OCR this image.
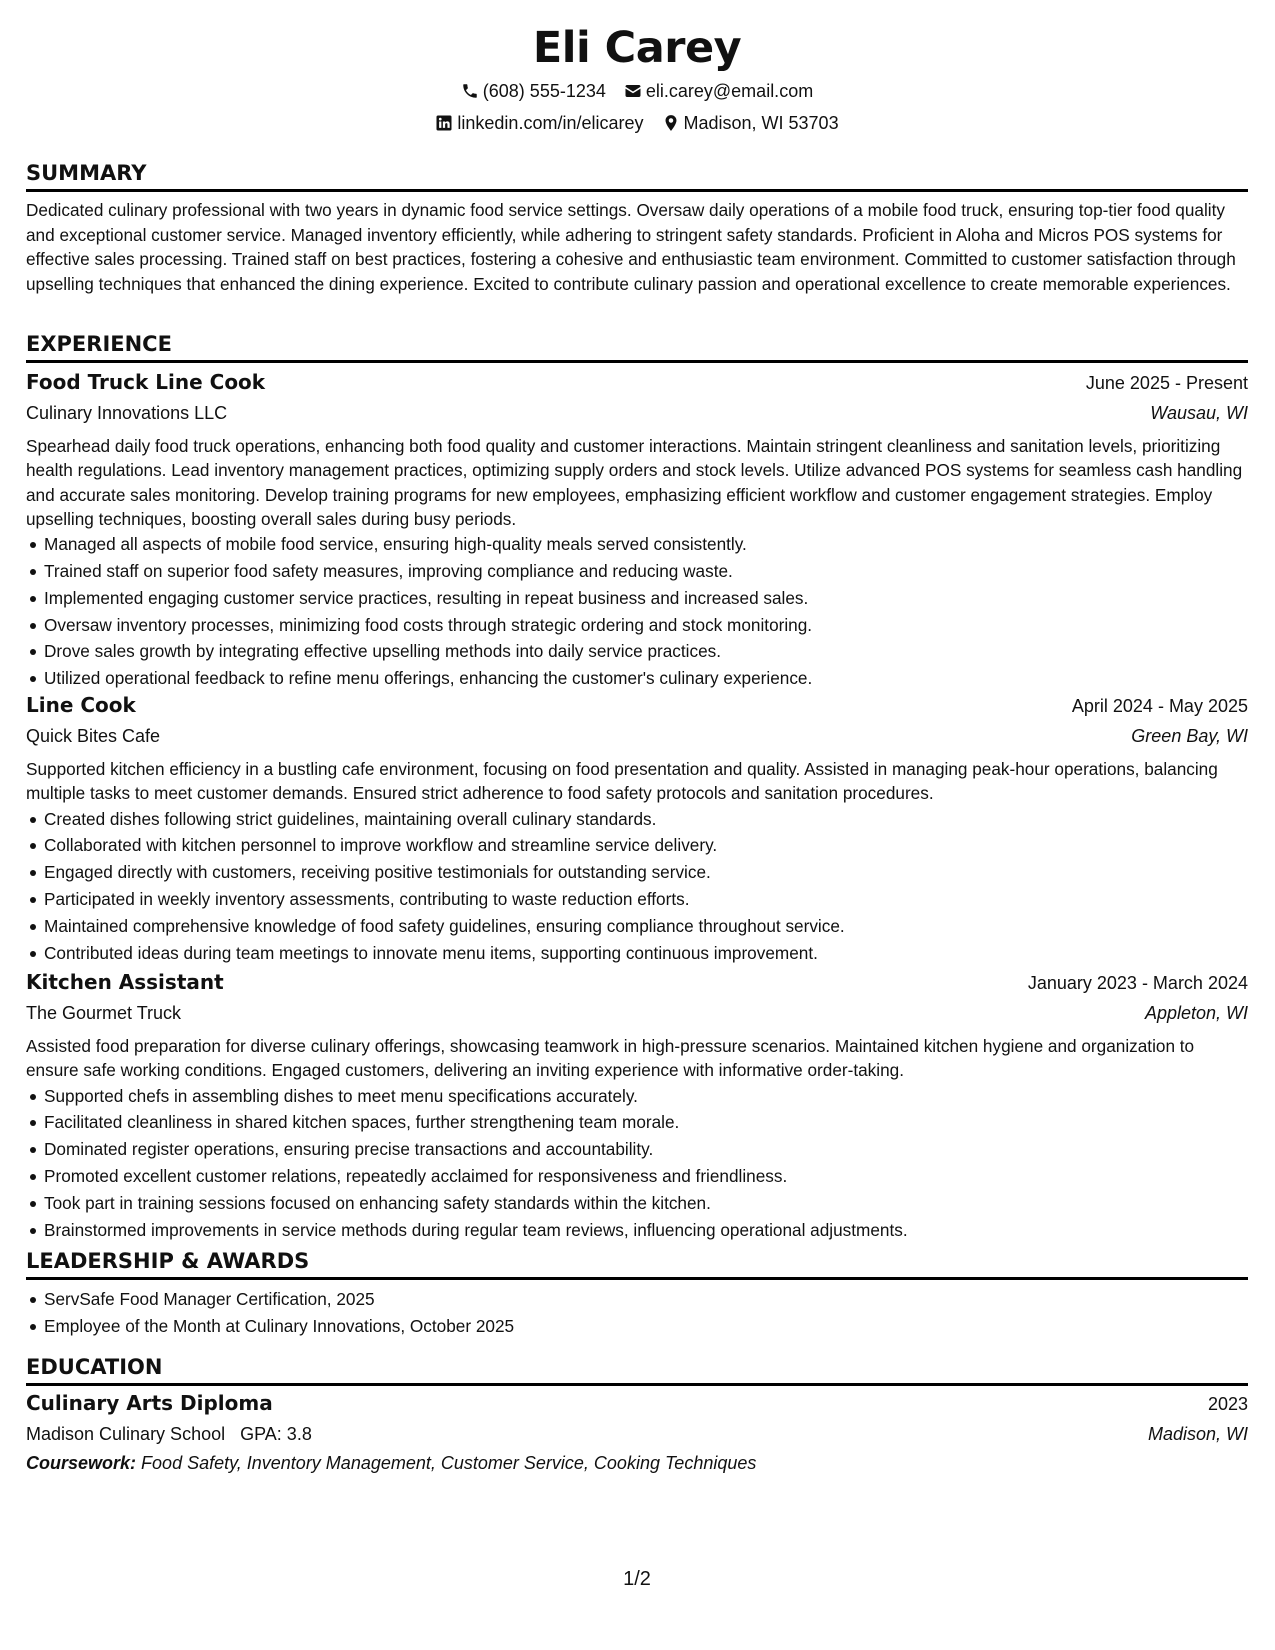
Eli Carey
(608) 555-1234 eli.carey@email.com
linkedin.com/in/elicarey Madison, WI 53703
SUMMARY

Dedicated culinary professional with two years in dynamic food service settings. Oversaw daily operations of a mobile food truck, ensuring top-tier food quality and exceptional customer service. Managed inventory efficiently, while adhering to stringent safety standards. Proficient in Aloha and Micros POS systems for effective sales processing. Trained staff on best practices, fostering a cohesive and enthusiastic team environment. Committed to customer satisfaction through upselling techniques that enhanced the dining experience. Excited to contribute culinary passion and operational excellence to create memorable experiences.

EXPERIENCE
Food Truck Line Cook	June 2025 - Present
Culinary Innovations LLC	Wausau, WI

Spearhead daily food truck operations, enhancing both food quality and customer interactions. Maintain stringent cleanliness and sanitation levels, prioritizing health regulations. Lead inventory management practices, optimizing supply orders and stock levels. Utilize advanced POS systems for seamless cash handling and accurate sales monitoring. Develop training programs for new employees, emphasizing efficient workflow and customer engagement strategies. Employ upselling techniques, boosting overall sales during busy periods.

Managed all aspects of mobile food service, ensuring high-quality meals served consistently.
Trained staff on superior food safety measures, improving compliance and reducing waste.
Implemented engaging customer service practices, resulting in repeat business and increased sales.
Oversaw inventory processes, minimizing food costs through strategic ordering and stock monitoring.
Drove sales growth by integrating effective upselling methods into daily service practices.
Utilized operational feedback to refine menu offerings, enhancing the customer's culinary experience.
Line Cook	April 2024 - May 2025
Quick Bites Cafe	Green Bay, WI

Supported kitchen efficiency in a bustling cafe environment, focusing on food presentation and quality. Assisted in managing peak-hour operations, balancing multiple tasks to meet customer demands. Ensured strict adherence to food safety protocols and sanitation procedures.

Created dishes following strict guidelines, maintaining overall culinary standards.
Collaborated with kitchen personnel to improve workflow and streamline service delivery.
Engaged directly with customers, receiving positive testimonials for outstanding service.
Participated in weekly inventory assessments, contributing to waste reduction efforts.
Maintained comprehensive knowledge of food safety guidelines, ensuring compliance throughout service.
Contributed ideas during team meetings to innovate menu items, supporting continuous improvement.
Kitchen Assistant	January 2023 - March 2024
The Gourmet Truck	Appleton, WI

Assisted food preparation for diverse culinary offerings, showcasing teamwork in high-pressure scenarios. Maintained kitchen hygiene and organization to ensure safe working conditions. Engaged customers, delivering an inviting experience with informative order-taking.

Supported chefs in assembling dishes to meet menu specifications accurately.
Facilitated cleanliness in shared kitchen spaces, further strengthening team morale.
Dominated register operations, ensuring precise transactions and accountability.
Promoted excellent customer relations, repeatedly acclaimed for responsiveness and friendliness.
Took part in training sessions focused on enhancing safety standards within the kitchen.
Brainstormed improvements in service methods during regular team reviews, influencing operational adjustments.
LEADERSHIP & AWARDS
ServSafe Food Manager Certification, 2025
Employee of the Month at Culinary Innovations, October 2025
EDUCATION
Culinary Arts Diploma	2023
Madison Culinary School GPA: 3.8	Madison, WI
Coursework: Food Safety, Inventory Management, Customer Service, Cooking Techniques
1/2
